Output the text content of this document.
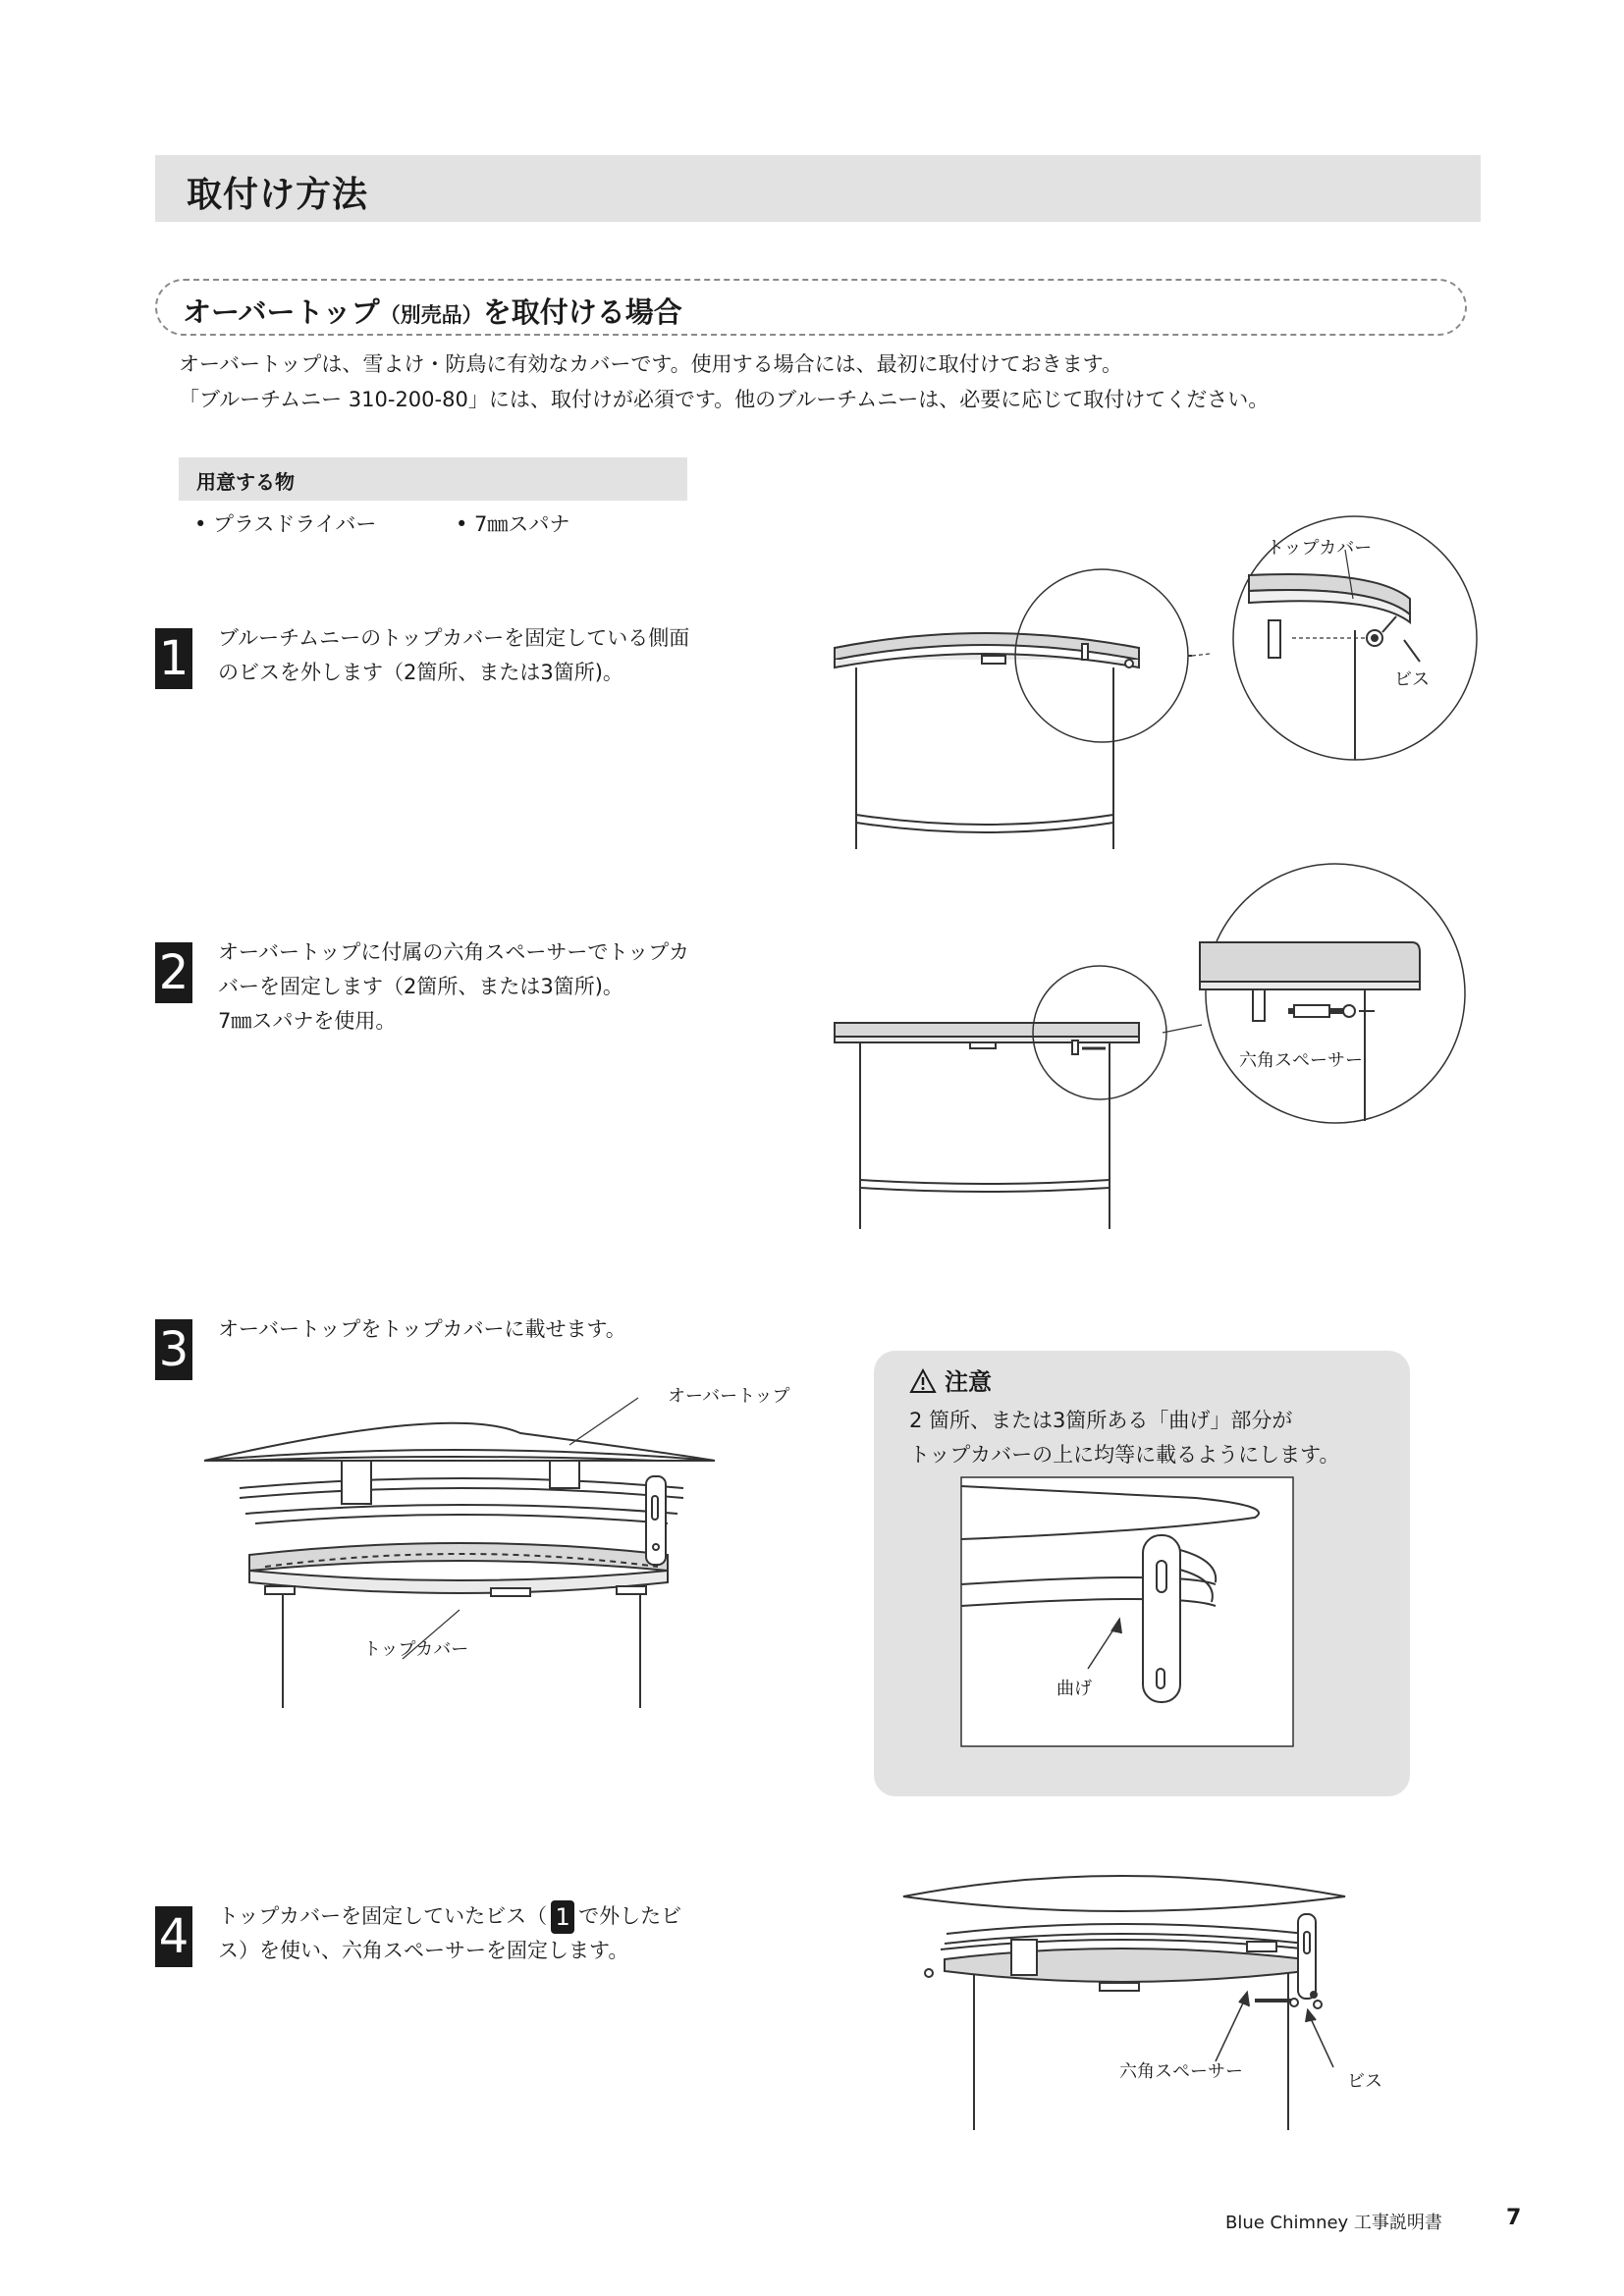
取付け方法
オーバートップ（別売品）を取付ける場合
オーバートップは、雪よけ・防鳥に有効なカバーです。使用する場合には、最初に取付けておきます。
「ブルーチムニー 310-200-80」には、取付けが必須です。他のブルーチムニーは、必要に応じて取付けてください。
用意する物
• プラスドライバー	• 7㎜スパナ
1 ブルーチムニーのトップカバーを固定している側面
のビスを外します（2箇所、または3箇所)。
トップカバー
ビス
2 オーバートップに付属の六角スペーサーでトップカ
バーを固定します（2箇所、または3箇所)。
7㎜スパナを使用。
六角スペーサー
3 オーバートップをトップカバーに載せます。
オーバートップ
トップカバー
注意
2 箇所、または3箇所ある「曲げ」部分が
トップカバーの上に均等に載るようにします。
曲げ
4 トップカバーを固定していたビス（ 1 で外したビ
ス）を使い、六角スペーサーを固定します。
六角スペーサー	ビス
Blue Chimney 工事説明書	7
